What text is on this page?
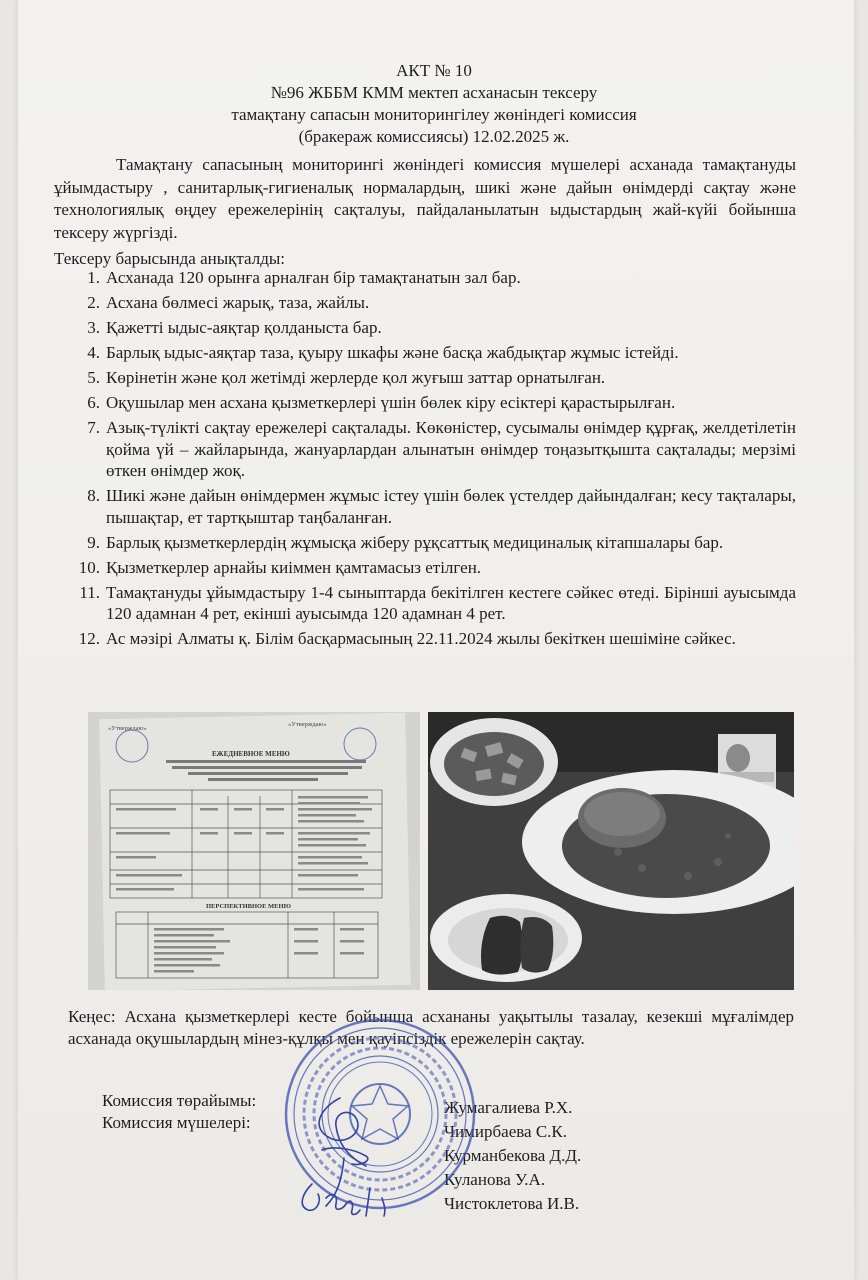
АКТ № 10
№96 ЖББМ КММ мектеп асханасын тексеру
тамақтану сапасын мониторингілеу жөніндегі комиссия
(бракераж комиссиясы) 12.02.2025 ж.
Тамақтану сапасының мониторингі жөніндегі комиссия мүшелері асханада тамақтануды ұйымдастыру , санитарлық-гигиеналық нормалардың, шикі және дайын өнімдерді сақтау және технологиялық өңдеу ережелерінің сақталуы, пайдаланылатын ыдыстардың жай-күйі бойынша тексеру жүргізді.
Тексеру барысында анықталды:
1. Асханада 120 орынға арналған бір тамақтанатын зал бар.
2. Асхана бөлмесі жарық, таза, жайлы.
3. Қажетті ыдыс-аяқтар қолданыста бар.
4. Барлық ыдыс-аяқтар таза, қуыру шкафы және басқа жабдықтар жұмыс істейді.
5. Көрінетін және қол жетімді жерлерде қол жуғыш заттар орнатылған.
6. Оқушылар мен асхана қызметкерлері үшін бөлек кіру есіктері қарастырылған.
7. Азық-түлікті сақтау ережелері сақталады. Көкөністер, сусымалы өнімдер құрғақ, желдетілетін қойма үй – жайларында, жануарлардан алынатын өнімдер тоңазытқышта сақталады; мерзімі өткен өнімдер жоқ.
8. Шикі және дайын өнімдермен жұмыс істеу үшін бөлек үстелдер дайындалған; кесу тақталары, пышақтар, ет тартқыштар таңбаланған.
9. Барлық қызметкерлердің жұмысқа жіберу рұқсаттық медициналық кітапшалары бар.
10. Қызметкерлер арнайы киіммен қамтамасыз етілген.
11. Тамақтануды ұйымдастыру 1-4 сыныптарда бекітілген кестеге сәйкес өтеді. Бірінші ауысымда 120 адамнан 4 рет, екінші ауысымда 120 адамнан 4 рет.
12. Ас мәзірі Алматы қ. Білім басқармасының 22.11.2024 жылы бекіткен шешіміне сәйкес.
«Утверждаю»
«Утверждаю»
ЕЖЕДНЕВНОЕ МЕНЮ
ПЕРСПЕКТИВНОЕ МЕНЮ
Кеңес: Асхана қызметкерлері кесте бойынша асхананы уақытылы тазалау, кезекші мұғалімдер асханада оқушылардың мінез-құлқы мен қауіпсіздік ережелерін сақтау.
Комиссия төрайымы:
Комиссия мүшелері:
Жумагалиева Р.Х.
Чимирбаева С.К.
Курманбекова Д.Д.
Куланова У.А.
Чистоклетова И.В.
